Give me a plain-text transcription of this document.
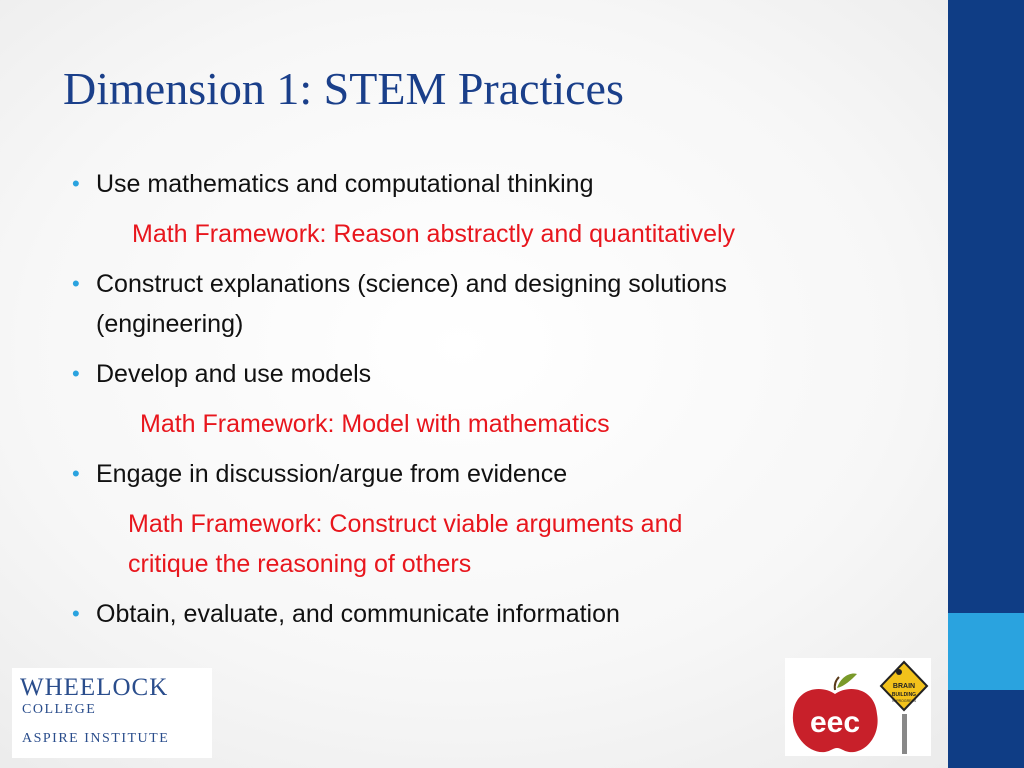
Dimension 1: STEM Practices
• Use mathematics and computational thinking
Math Framework: Reason abstractly and quantitatively
• Construct explanations (science) and designing solutions
(engineering)
• Develop and use models
Math Framework: Model with mathematics
• Engage in discussion/argue from evidence
Math Framework: Construct viable arguments and
critique the reasoning of others
• Obtain, evaluate, and communicate information
WHEELOCK
COLLEGE
ASPIRE INSTITUTE	eec
BRAIN
BUILDING
IN PROGRESS
